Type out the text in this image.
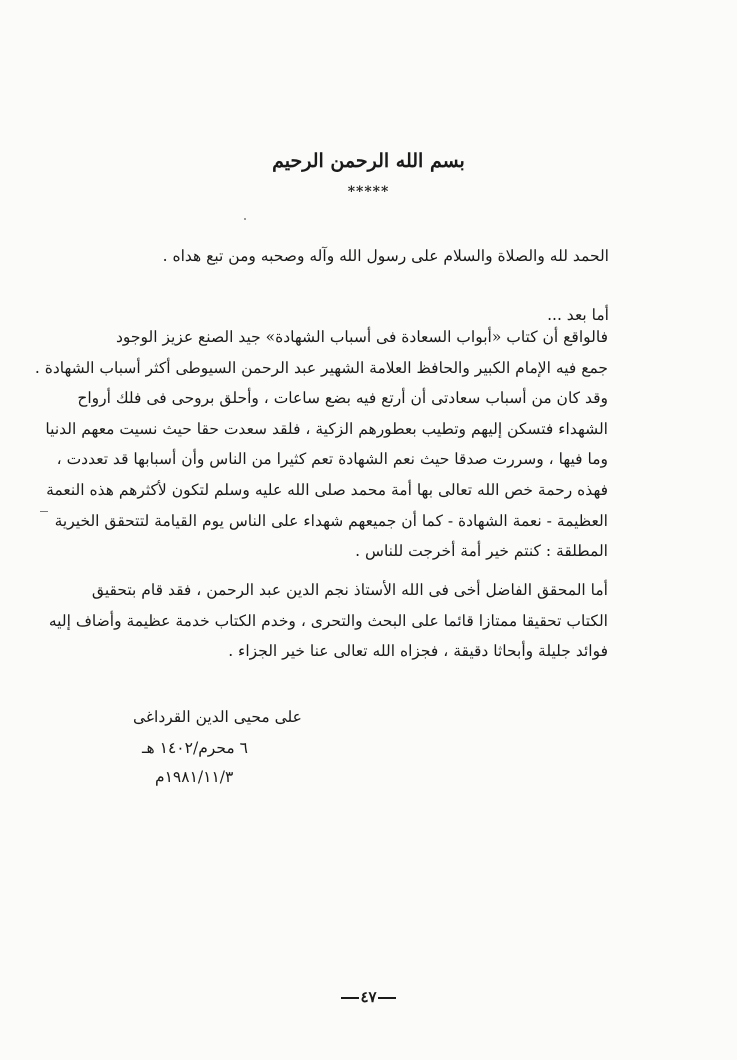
بسم الله الرحمن الرحيم
*****
الحمد لله والصلاة والسلام على رسول الله وآله وصحبه ومن تبع هداه .
أما بعد ...

فالواقع أن كتاب «أبواب السعادة فى أسباب الشهادة» جيد الصنع عزيز الوجود
جمع فيه الإمام الكبير والحافظ العلامة الشهير عبد الرحمن السيوطى أكثر أسباب الشهادة .
وقد كان من أسباب سعادتى أن أرتع فيه بضع ساعات ، وأحلق بروحى فى فلك أرواح
الشهداء فتسكن إليهم وتطيب بعطورهم الزكية ، فلقد سعدت حقا حيث نسيت معهم الدنيا
وما فيها ، وسررت صدقا حيث نعم الشهادة تعم كثيرا من الناس وأن أسبابها قد تعددت ،
فهذه رحمة خص الله تعالى بها أمة محمد صلى الله عليه وسلم لتكون لأكثرهم هذه النعمة
العظيمة - نعمة الشهادة - كما أن جميعهم شهداء على الناس يوم القيامة لتتحقق الخيرية
المطلقة : كنتم خير أمة أخرجت للناس .

أما المحقق الفاضل أخى فى الله الأستاذ نجم الدين عبد الرحمن ، فقد قام بتحقيق
الكتاب تحقيقا ممتازا قائما على البحث والتحرى ، وخدم الكتاب خدمة عظيمة وأضاف إليه
فوائد جليلة وأبحاثا دقيقة ، فجزاه الله تعالى عنا خير الجزاء .

على محيى الدين القرداغى
٦ محرم/١٤٠٢ هـ
١٩٨١/١١/٣م
٤٧
